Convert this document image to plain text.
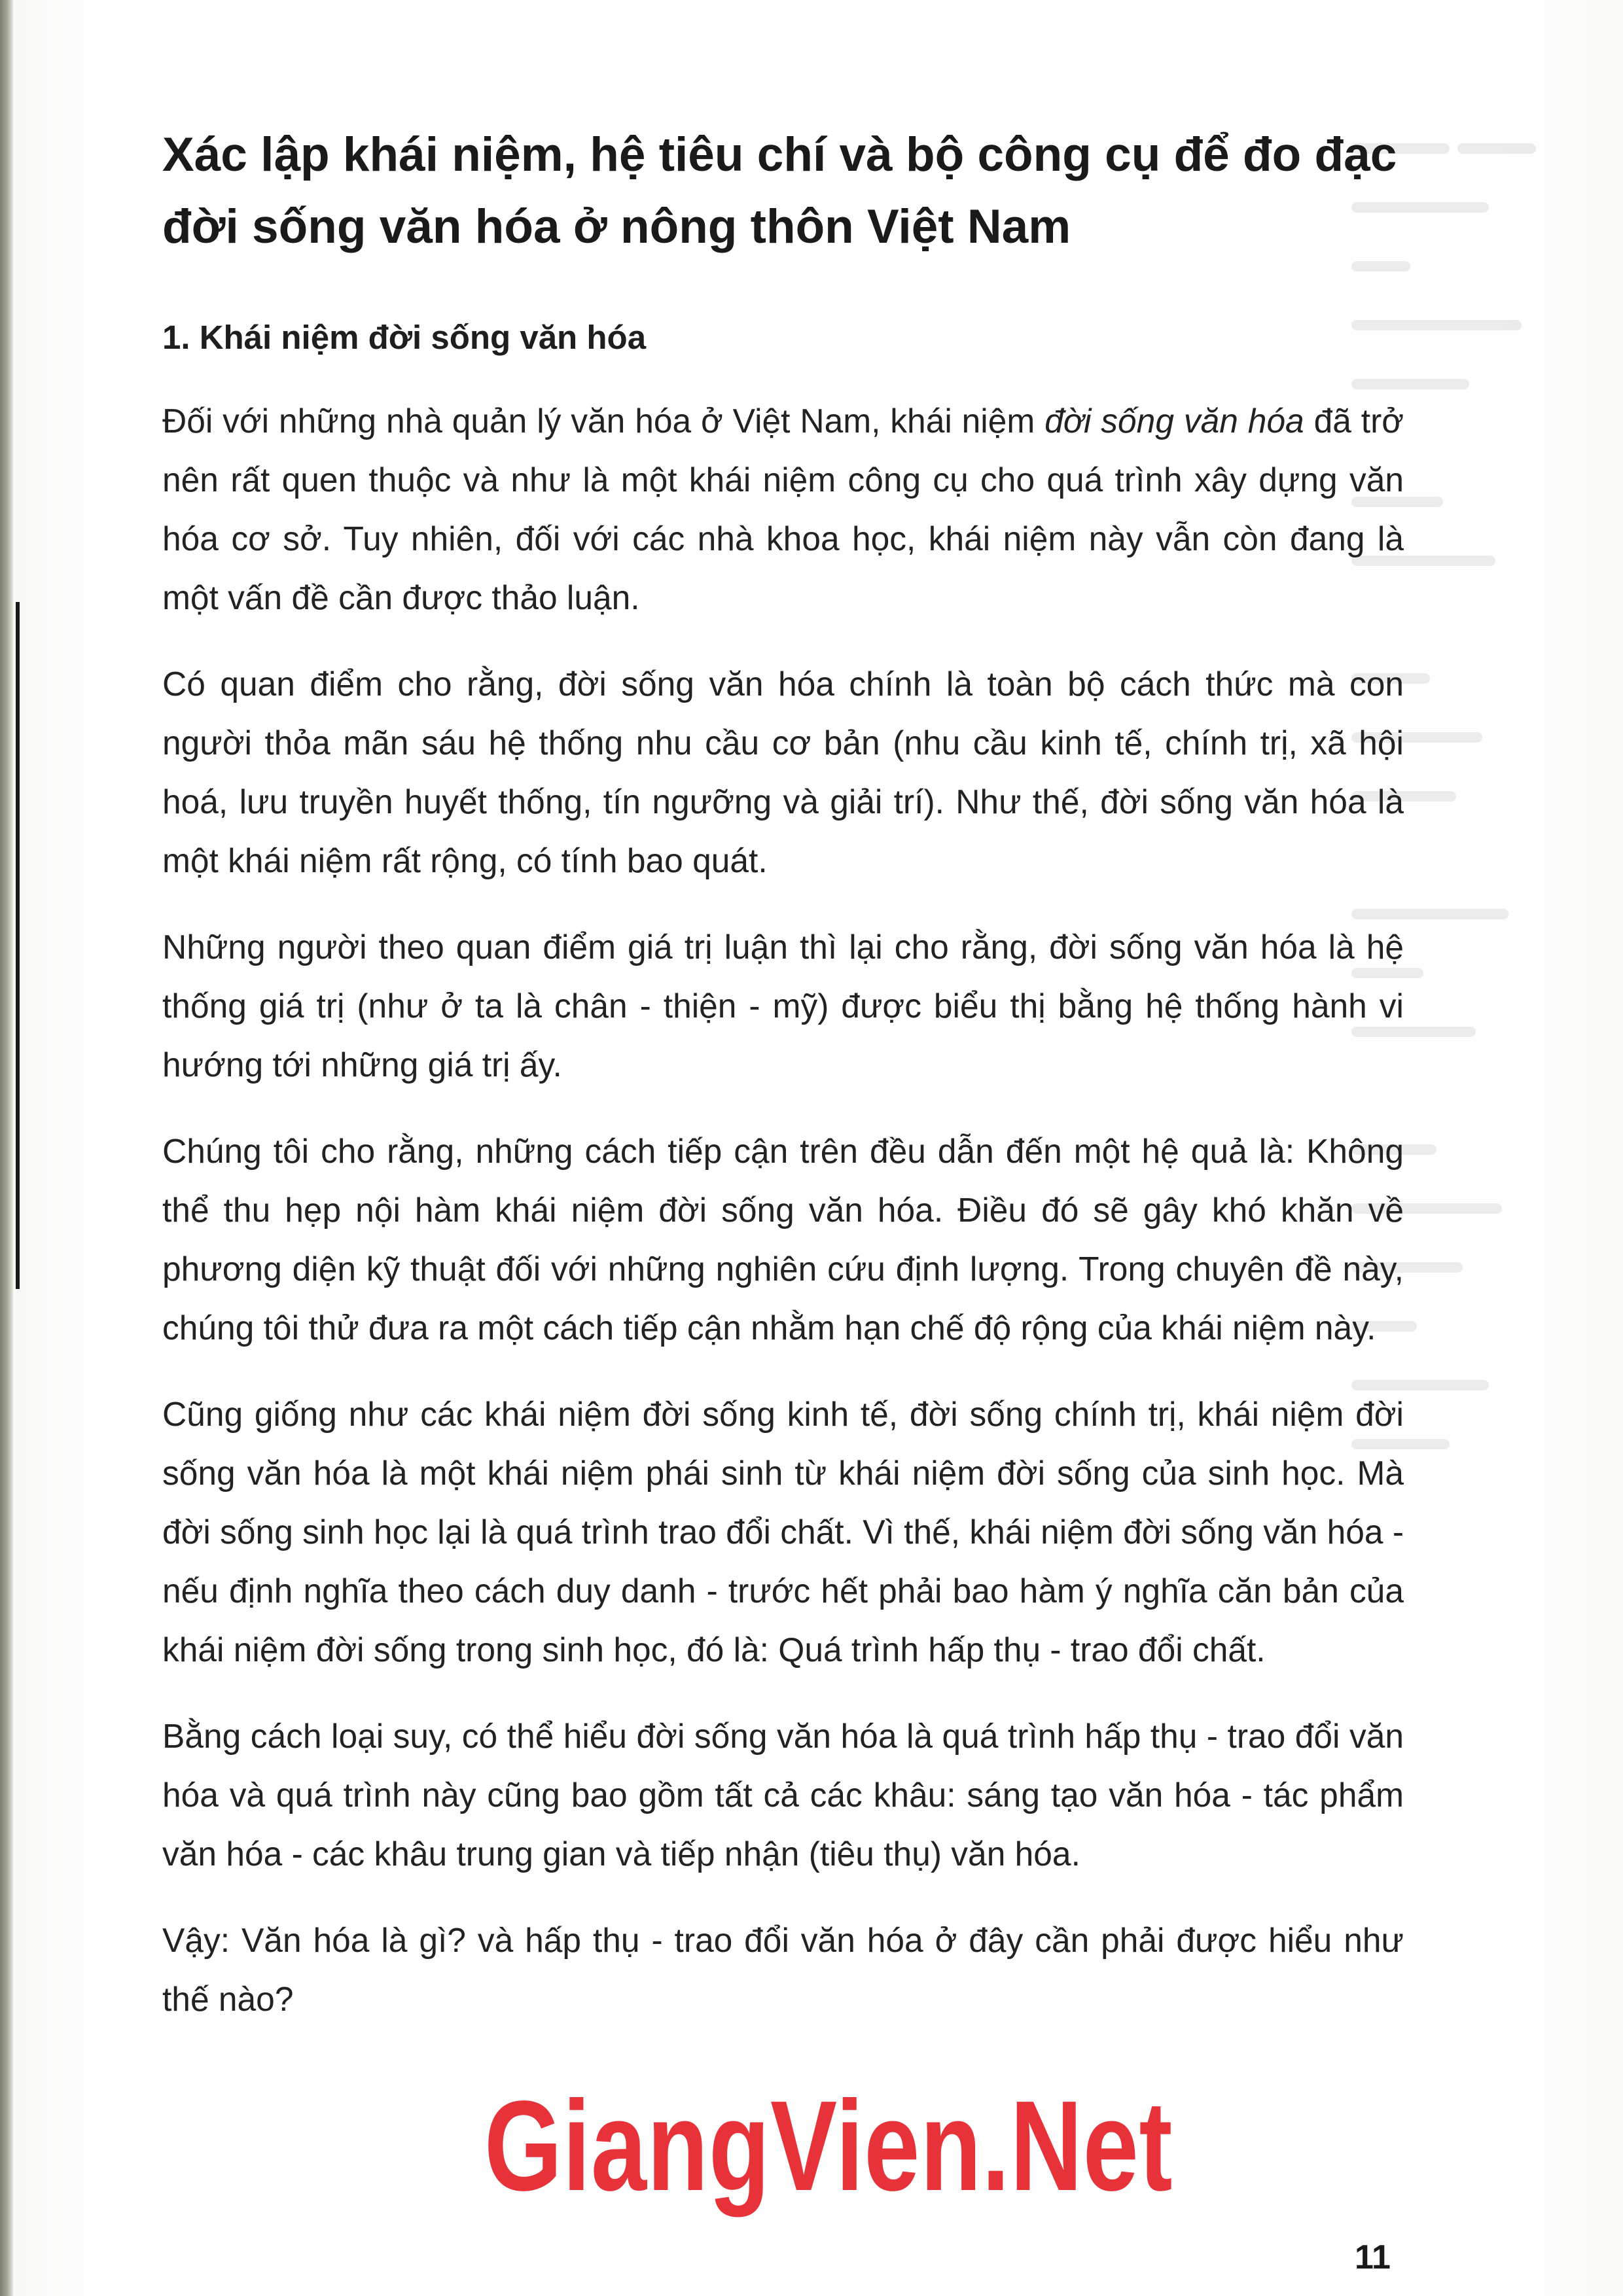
Xác lập khái niệm, hệ tiêu chí và bộ công cụ để đo đạc đời sống văn hóa ở nông thôn Việt Nam
1. Khái niệm đời sống văn hóa

Đối với những nhà quản lý văn hóa ở Việt Nam, khái niệm đời sống văn hóa đã trở nên rất quen thuộc và như là một khái niệm công cụ cho quá trình xây dựng văn hóa cơ sở. Tuy nhiên, đối với các nhà khoa học, khái niệm này vẫn còn đang là một vấn đề cần được thảo luận.

Có quan điểm cho rằng, đời sống văn hóa chính là toàn bộ cách thức mà con người thỏa mãn sáu hệ thống nhu cầu cơ bản (nhu cầu kinh tế, chính trị, xã hội hoá, lưu truyền huyết thống, tín ngưỡng và giải trí). Như thế, đời sống văn hóa là một khái niệm rất rộng, có tính bao quát.

Những người theo quan điểm giá trị luận thì lại cho rằng, đời sống văn hóa là hệ thống giá trị (như ở ta là chân - thiện - mỹ) được biểu thị bằng hệ thống hành vi hướng tới những giá trị ấy.

Chúng tôi cho rằng, những cách tiếp cận trên đều dẫn đến một hệ quả là: Không thể thu hẹp nội hàm khái niệm đời sống văn hóa. Điều đó sẽ gây khó khăn về phương diện kỹ thuật đối với những nghiên cứu định lượng. Trong chuyên đề này, chúng tôi thử đưa ra một cách tiếp cận nhằm hạn chế độ rộng của khái niệm này.

Cũng giống như các khái niệm đời sống kinh tế, đời sống chính trị, khái niệm đời sống văn hóa là một khái niệm phái sinh từ khái niệm đời sống của sinh học. Mà đời sống sinh học lại là quá trình trao đổi chất. Vì thế, khái niệm đời sống văn hóa - nếu định nghĩa theo cách duy danh - trước hết phải bao hàm ý nghĩa căn bản của khái niệm đời sống trong sinh học, đó là: Quá trình hấp thụ - trao đổi chất.

Bằng cách loại suy, có thể hiểu đời sống văn hóa là quá trình hấp thụ - trao đổi văn hóa và quá trình này cũng bao gồm tất cả các khâu: sáng tạo văn hóa - tác phẩm văn hóa - các khâu trung gian và tiếp nhận (tiêu thụ) văn hóa.

Vậy: Văn hóa là gì? và hấp thụ - trao đổi văn hóa ở đây cần phải được hiểu như thế nào?

GiangVien.Net
11
